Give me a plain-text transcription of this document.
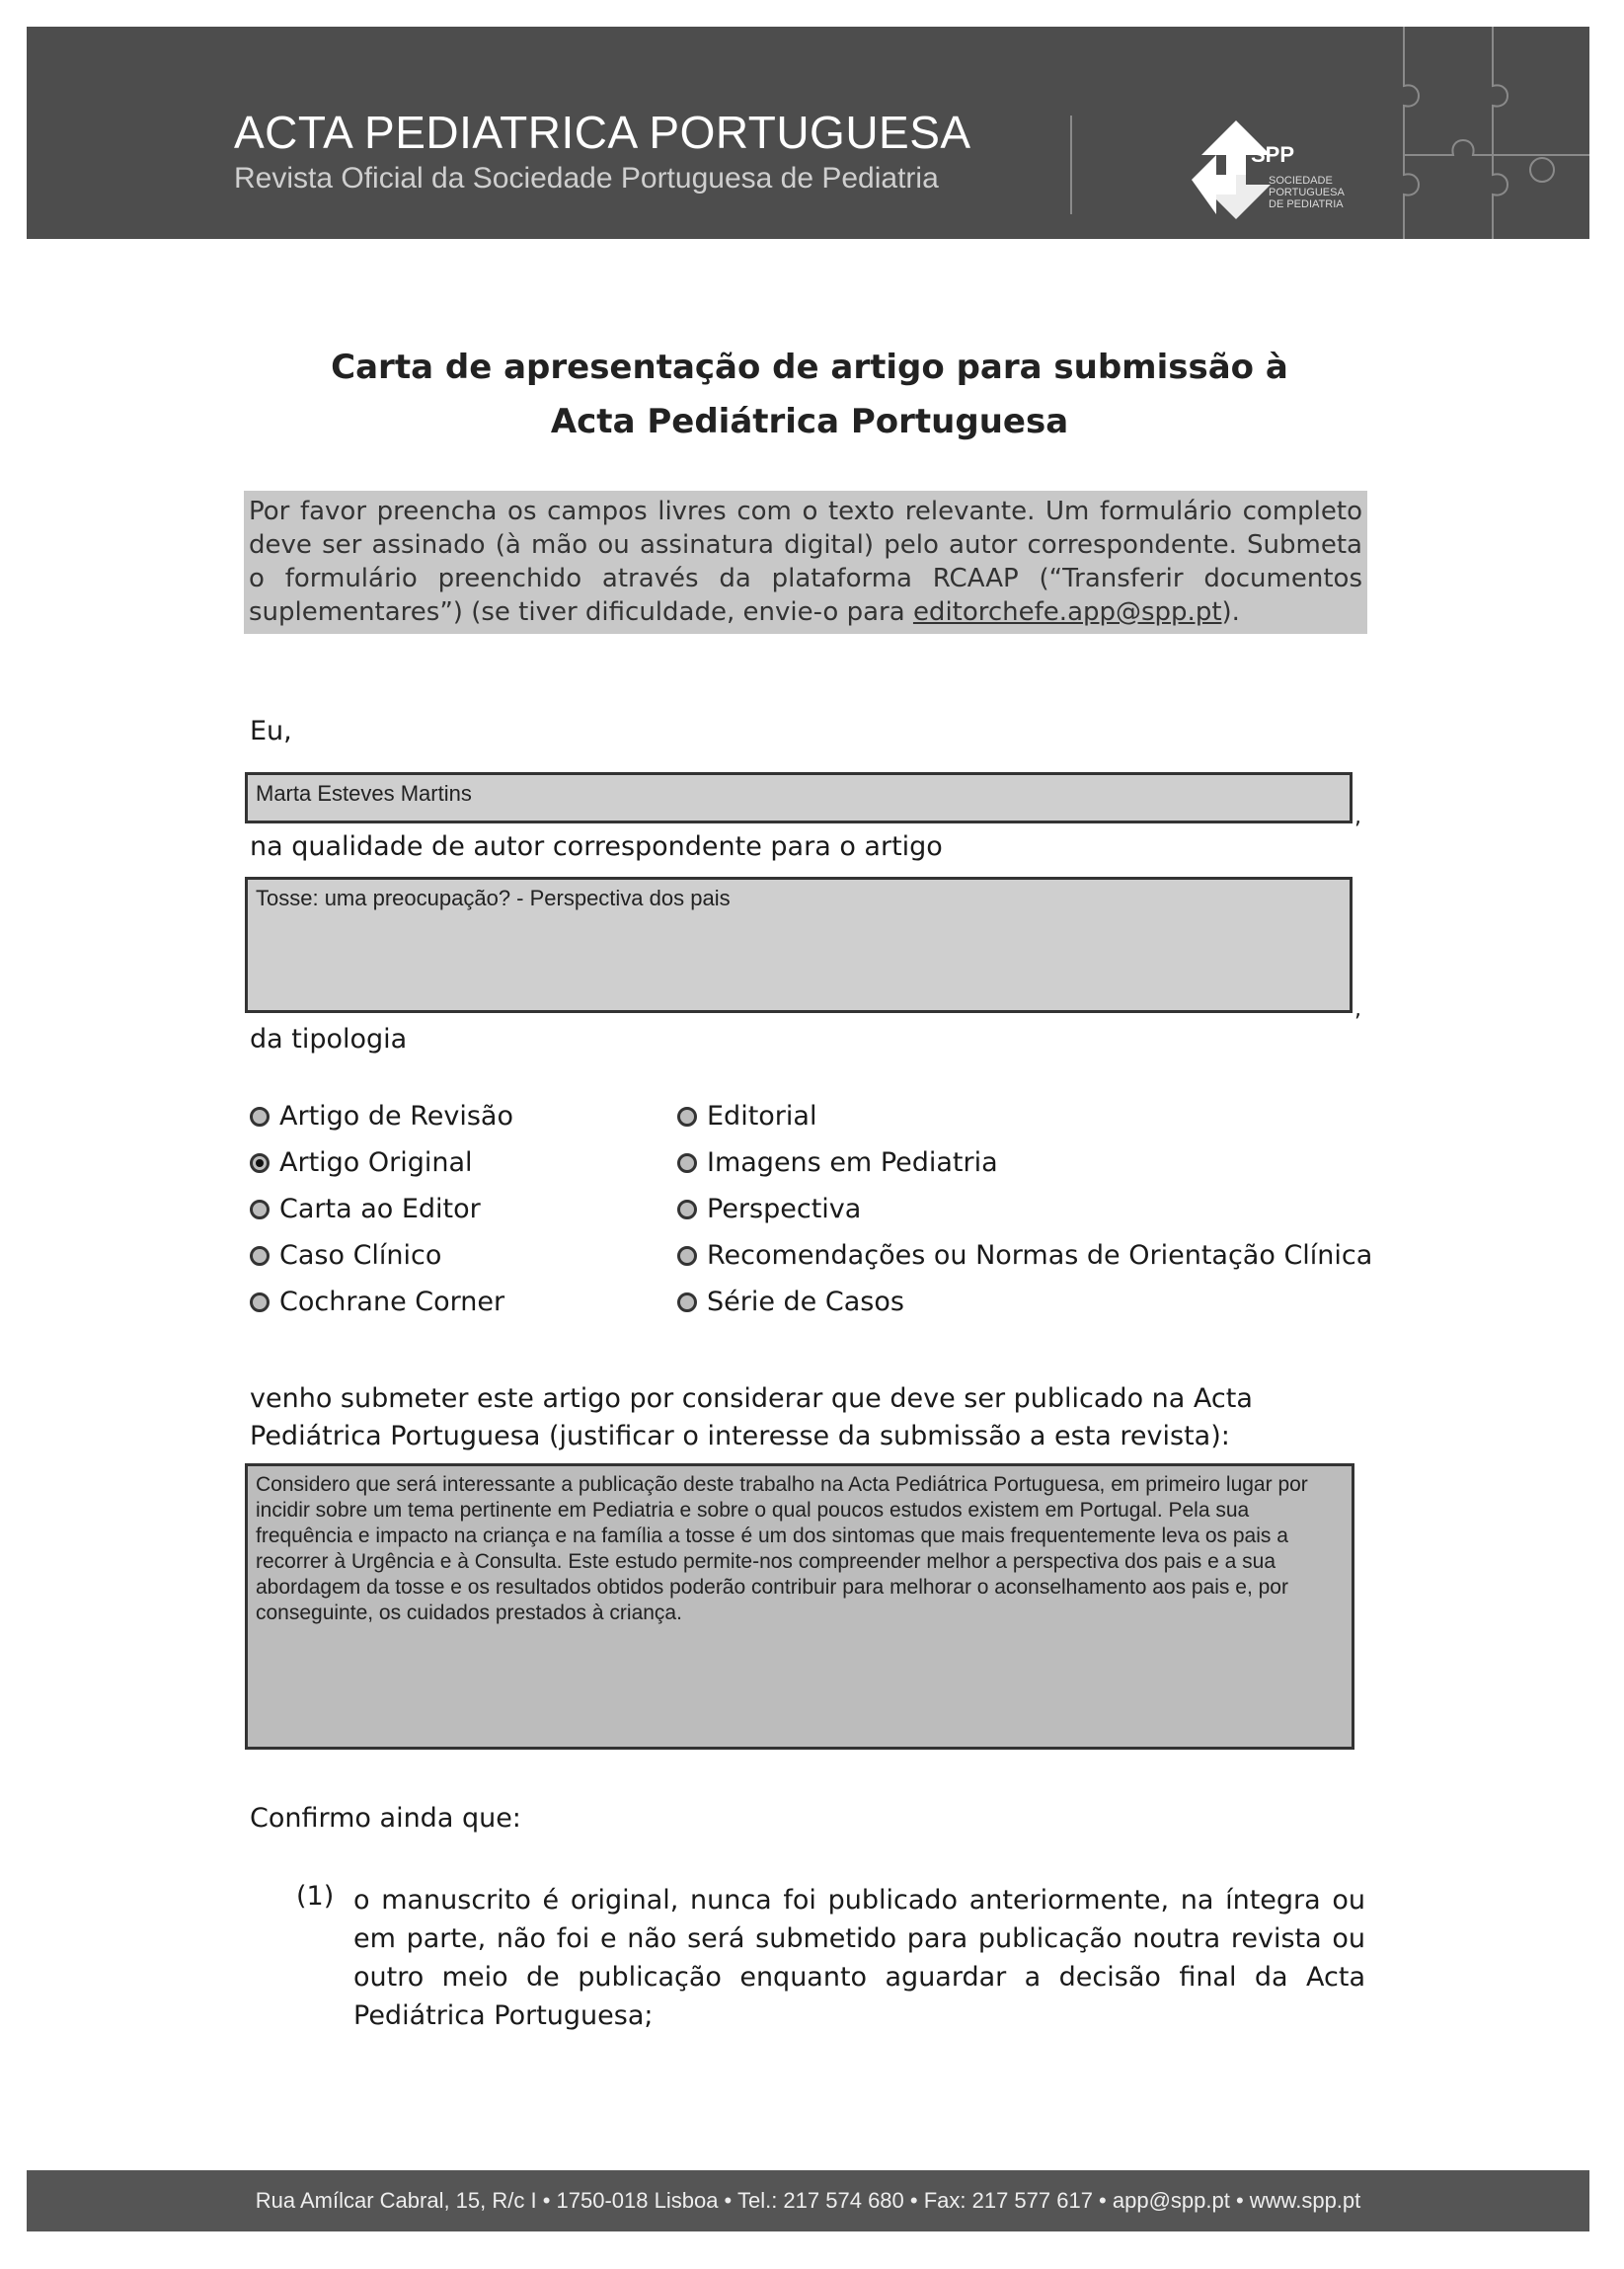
ACTA PEDIATRICA PORTUGUESA
Revista Oficial da Sociedade Portuguesa de Pediatria
SPP
SOCIEDADE PORTUGUESA DE PEDIATRIA
Carta de apresentação de artigo para submissão à
Acta Pediátrica Portuguesa
Por favor preencha os campos livres com o texto relevante. Um formulário completo deve ser assinado (à mão ou assinatura digital) pelo autor correspondente. Submeta o formulário preenchido através da plataforma RCAAP (“Transferir documentos suplementares”) (se tiver dificuldade, envie-o para editorchefe.app@spp.pt).
Eu,
Marta Esteves Martins
,
na qualidade de autor correspondente para o artigo
Tosse: uma preocupação? - Perspectiva dos pais
,
da tipologia
Artigo de Revisão
Artigo Original
Carta ao Editor
Caso Clínico
Cochrane Corner
Editorial
Imagens em Pediatria
Perspectiva
Recomendações ou Normas de Orientação Clínica
Série de Casos
venho submeter este artigo por considerar que deve ser publicado na Acta Pediátrica Portuguesa (justificar o interesse da submissão a esta revista):
Considero que será interessante a publicação deste trabalho na Acta Pediátrica Portuguesa, em primeiro lugar por incidir sobre um tema pertinente em Pediatria e sobre o qual poucos estudos existem em Portugal. Pela sua frequência e impacto na criança e na família a tosse é um dos sintomas que mais frequentemente leva os pais a recorrer à Urgência e à Consulta. Este estudo permite-nos compreender melhor a perspectiva dos pais e a sua abordagem da tosse e os resultados obtidos poderão contribuir para melhorar o aconselhamento aos pais e, por conseguinte, os cuidados prestados à criança.
Confirmo ainda que:
(1) o manuscrito é original, nunca foi publicado anteriormente, na íntegra ou em parte, não foi e não será submetido para publicação noutra revista ou outro meio de publicação enquanto aguardar a decisão final da Acta Pediátrica Portuguesa;
Rua Amílcar Cabral, 15, R/c I • 1750-018 Lisboa • Tel.: 217 574 680 • Fax: 217 577 617 • app@spp.pt • www.spp.pt
